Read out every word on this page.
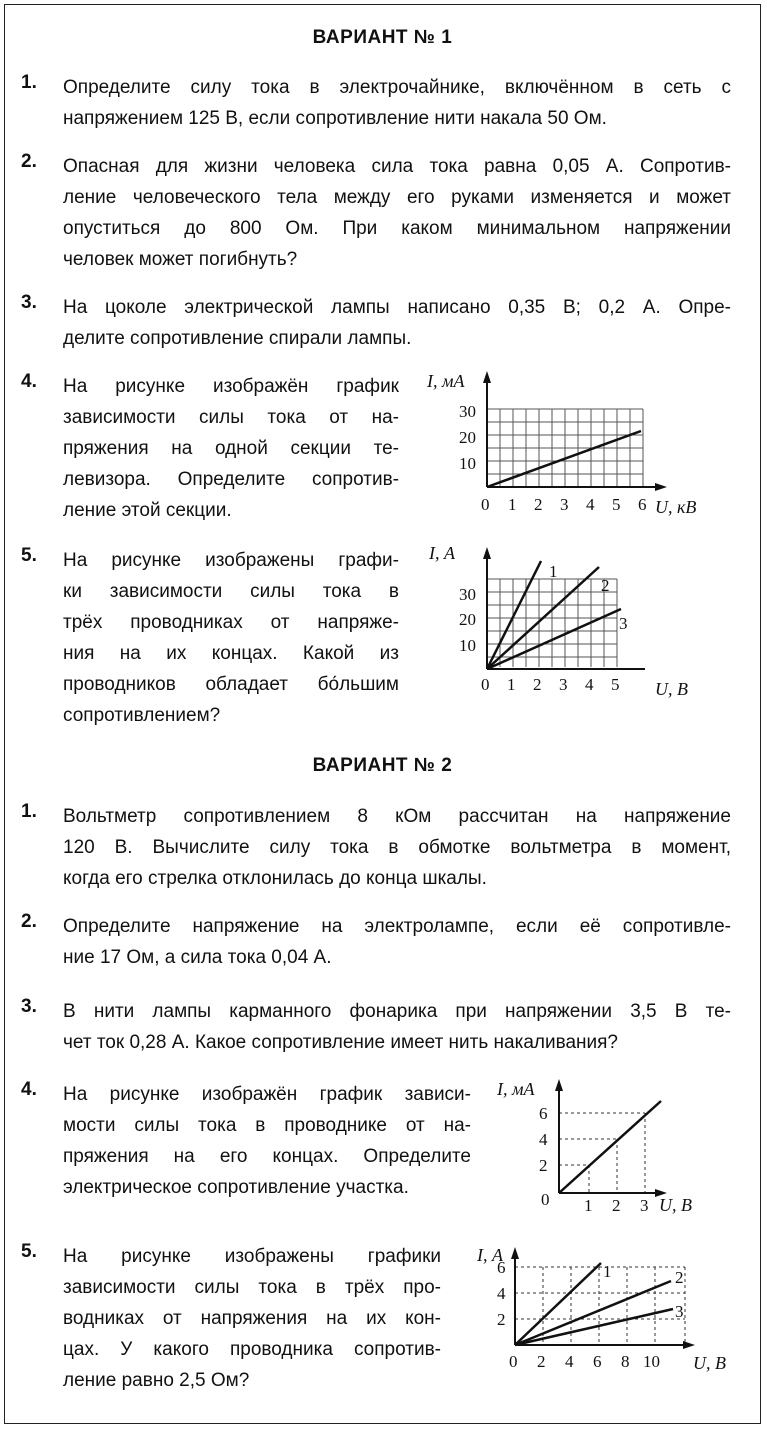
ВАРИАНТ № 1
1. Определите силу тока в электрочайнике, включённом в сеть с
напряжением 125 В, если сопротивление нити накала 50 Ом.
2. Опасная для жизни человека сила тока равна 0,05 А. Сопротив-
ление человеческого тела между его руками изменяется и может
опуститься до 800 Ом. При каком минимальном напряжении
человек может погибнуть?
3. На цоколе электрической лампы написано 0,35 В; 0,2 А. Опре-
делите сопротивление спирали лампы.
4. На рисунке изображён график
зависимости силы тока от на-
пряжения на одной секции те-
левизора. Определите сопротив-
ление этой секции.
I, мА
30
20
10
0 1 2 3 4 5 6 U, кВ
5. На рисунке изображены графи-
ки зависимости силы тока в
трёх проводниках от напряже-
ния на их концах. Какой из
проводников обладает бо́льшим
сопротивлением?
1
2
3
I, А
30
20
10
0 1 2 3 4 5 U, В
ВАРИАНТ № 2
1. Вольтметр сопротивлением 8 кОм рассчитан на напряжение
120 В. Вычислите силу тока в обмотке вольтметра в момент,
когда его стрелка отклонилась до конца шкалы.
2. Определите напряжение на электролампе, если её сопротивле-
ние 17 Ом, а сила тока 0,04 А.
3. В нити лампы карманного фонарика при напряжении 3,5 В те-
чет ток 0,28 А. Какое сопротивление имеет нить накаливания?
4. На рисунке изображён график зависи-
мости силы тока в проводнике от на-
пряжения на его концах. Определите
электрическое сопротивление участка.
I, мА
6
4
2
0 1 2 3 U, В
5. На рисунке изображены графики
зависимости силы тока в трёх про-
водниках от напряжения на их кон-
цах. У какого проводника сопротив-
ление равно 2,5 Ом?
1	2
3
I, А
6
4
2
0 2 4 6 8 10 U, В
